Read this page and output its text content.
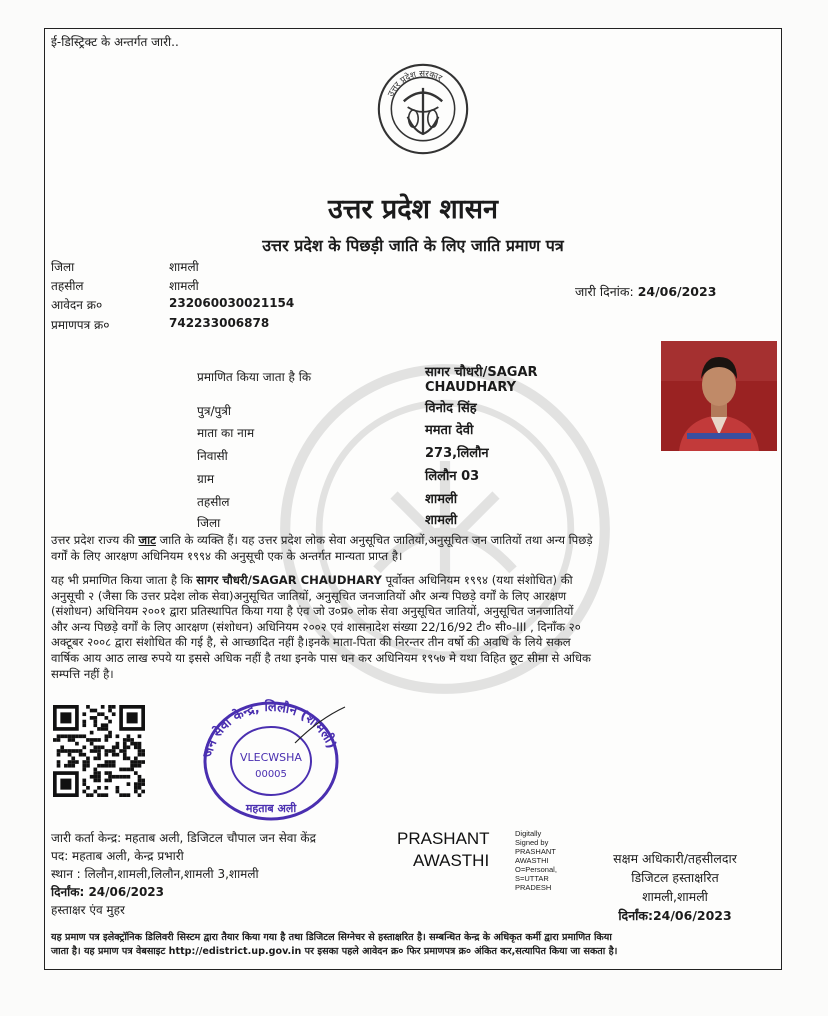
ई-डिस्ट्रिक्ट के अन्तर्गत जारी..
उत्तर प्रदेश सरकार
उत्तर प्रदेश शासन
उत्तर प्रदेश के पिछड़ी जाति के लिए जाति प्रमाण पत्र
जिला	शामली
तहसील	शामली
आवेदन क्र०	232060030021154
प्रमाणपत्र क्र०	742233006878
जारी दिनांक: 24/06/2023
प्रमाणित किया जाता है कि	सागर चौधरी/SAGAR
CHAUDHARY
पुत्र/पुत्री	विनोद सिंह
माता का नाम	ममता देवी
निवासी	273,लिलौन
ग्राम	लिलौन 03
तहसील	शामली
जिला	शामली
उत्तर प्रदेश राज्य की जाट जाति के व्यक्ति हैं। यह उत्तर प्रदेश लोक सेवा अनुसूचित जातियों,अनुसूचित जन जातियों तथा अन्य पिछड़े
वर्गों के लिए आरक्षण अधिनियम १९९४ की अनुसूची एक के अन्तर्गत मान्यता प्राप्त है।
यह भी प्रमाणित किया जाता है कि सागर चौधरी/SAGAR CHAUDHARY पूर्वोक्त अधिनियम १९९४ (यथा संशोधित) की
अनुसूची २ (जैसा कि उत्तर प्रदेश लोक सेवा)अनुसूचित जातियों, अनुसूचित जनजातियों और अन्य पिछड़े वर्गों के लिए आरक्षण
(संशोधन) अधिनियम २००१ द्वारा प्रतिस्थापित किया गया है एंव जो उ०प्र० लोक सेवा अनुसूचित जातियों, अनुसूचित जनजातियों
और अन्य पिछड़े वर्गों के लिए आरक्षण (संशोधन) अधिनियम २००२ एवं शासनादेश संख्या 22/16/92 टी० सी०-III , दिनाँक २०
अक्टूबर २००८ द्वारा संशोधित की गई है, से आच्छादित नहीं है।इनके माता-पिता की निरन्तर तीन वर्षो की अवधि के लिये सकल
वार्षिक आय आठ लाख रुपये या इससे अधिक नहीं है तथा इनके पास धन कर अधिनियम १९५७ मे यथा विहित छूट सीमा से अधिक
सम्पत्ति नहीं है।
जन सेवा केन्द्र, लिलौन (शामली)
VLECWSHA
00005
महताब अली
जारी कर्ता केन्द्र: महताब अली, डिजिटल चौपाल जन सेवा केंद्र
पद: महताब अली, केन्द्र प्रभारी
स्थान : लिलौन,शामली,लिलौन,शामली 3,शामली
दिर्नांक: 24/06/2023
हस्ताक्षर एंव मुहर
PRASHANT
AWASTHI
Digitally
Signed by
PRASHANT
AWASTHI
O=Personal,
S=UTTAR
PRADESH
सक्षम अधिकारी/तहसीलदार
डिजिटल हस्ताक्षरित
शामली,शामली
दिर्नांक:24/06/2023
यह प्रमाण पत्र इलेक्ट्रॉनिक डिलिवरी सिस्टम द्वारा तैयार किया गया है तथा डिजिटल सिग्नेचर से हस्ताक्षरित है। सम्बन्धित केन्द्र के अधिकृत कर्मी द्वारा प्रमाणित किया
जाता है। यह प्रमाण पत्र वेबसाइट http://edistrict.up.gov.in पर इसका पहले आवेदन क्र० फिर प्रमाणपत्र क्र० अंकित कर,सत्यापित किया जा सकता है।
